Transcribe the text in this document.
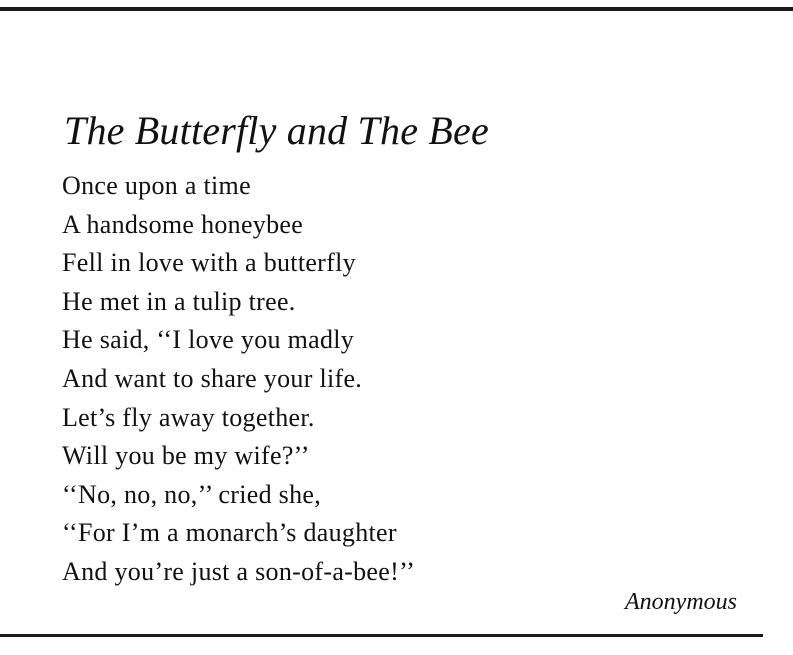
The Butterfly and The Bee
Once upon a time
A handsome honeybee
Fell in love with a butterfly
He met in a tulip tree.
He said, ‘‘I love you madly
And want to share your life.
Let’s fly away together.
Will you be my wife?’’
‘‘No, no, no,’’ cried she,
‘‘For I’m a monarch’s daughter
And you’re just a son-of-a-bee!’’
Anonymous
